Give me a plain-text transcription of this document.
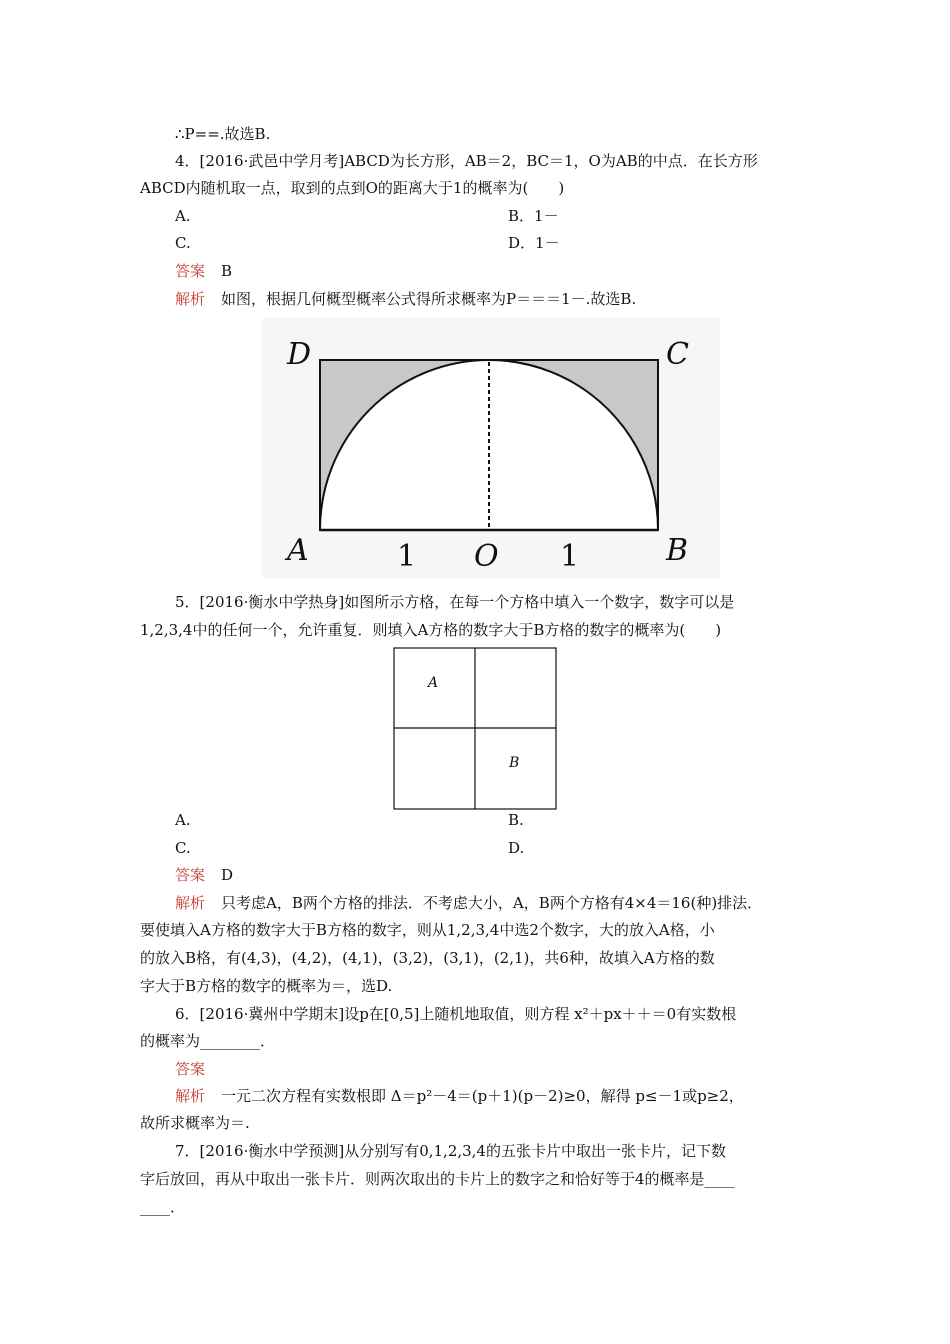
∴P==.故选B.
4．[2016·武邑中学月考]ABCD为长方形，AB＝2，BC＝1，O为AB的中点．在长方形
ABCD内随机取一点，取到的点到O的距离大于1的概率为(　　)
A.	B．1－
C.	D．1－
答案 B
解析 如图，根据几何概型概率公式得所求概率为P＝＝＝1－.故选B.
D	C
A	B
O
1	1
5．[2016·衡水中学热身]如图所示方格，在每一个方格中填入一个数字，数字可以是
1,2,3,4中的任何一个，允许重复．则填入A方格的数字大于B方格的数字的概率为(　　)
A
B
A.	B.
C.	D.
答案 D
解析 只考虑A，B两个方格的排法．不考虑大小，A，B两个方格有4×4＝16(种)排法．
要使填入A方格的数字大于B方格的数字，则从1,2,3,4中选2个数字，大的放入A格，小
的放入B格，有(4,3)，(4,2)，(4,1)，(3,2)，(3,1)，(2,1)，共6种，故填入A方格的数
字大于B方格的数字的概率为＝，选D.
6．[2016·冀州中学期末]设p在[0,5]上随机地取值，则方程 x²＋px＋＋＝0有实数根
的概率为________．
答案
解析 一元二次方程有实数根即 Δ＝p²－4＝(p＋1)(p－2)≥0，解得 p≤－1或p≥2，
故所求概率为＝.
7．[2016·衡水中学预测]从分别写有0,1,2,3,4的五张卡片中取出一张卡片，记下数
字后放回，再从中取出一张卡片．则两次取出的卡片上的数字之和恰好等于4的概率是____
____．
